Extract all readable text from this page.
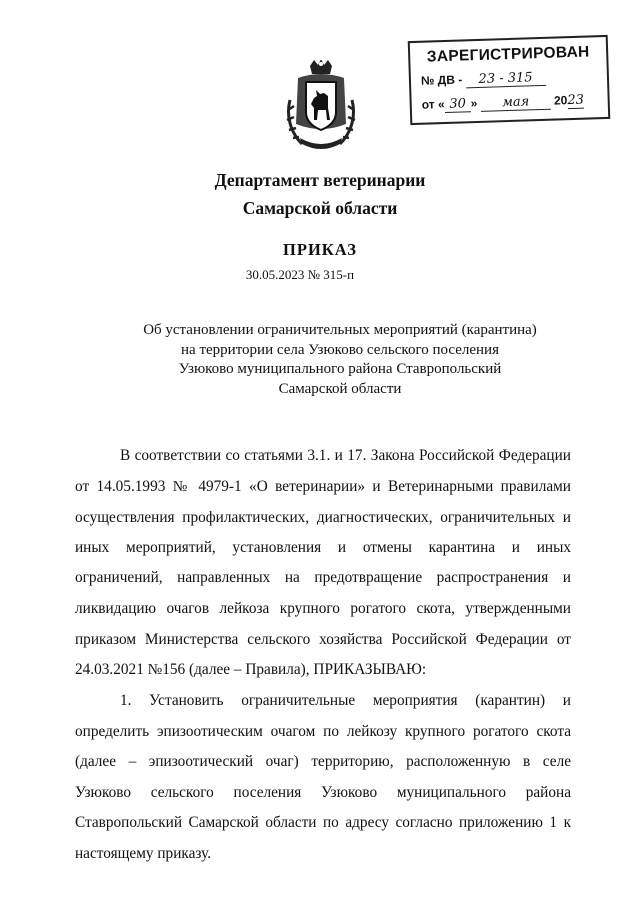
ЗАРЕГИСТРИРОВАН
№ ДВ - 23 - 315
от « 30 » мая 2023
Департамент ветеринарии
Самарской области
ПРИКАЗ
30.05.2023 № 315-п
Об установлении ограничительных мероприятий (карантина)
на территории села Узюково сельского поселения
Узюково муниципального района Ставропольский
Самарской области
В соответствии со статьями 3.1. и 17. Закона Российской Федерации
от 14.05.1993 № 4979-1 «О ветеринарии» и Ветеринарными правилами
осуществления профилактических, диагностических, ограничительных и
иных мероприятий, установления и отмены карантина и иных
ограничений, направленных на предотвращение распространения и
ликвидацию очагов лейкоза крупного рогатого скота, утвержденными
приказом Министерства сельского хозяйства Российской Федерации от
24.03.2021 №156 (далее – Правила), ПРИКАЗЫВАЮ:
1. Установить ограничительные мероприятия (карантин) и
определить эпизоотическим очагом по лейкозу крупного рогатого скота
(далее – эпизоотический очаг) территорию, расположенную в селе
Узюково сельского поселения Узюково муниципального района
Ставропольский Самарской области по адресу согласно приложению 1 к
настоящему приказу.
